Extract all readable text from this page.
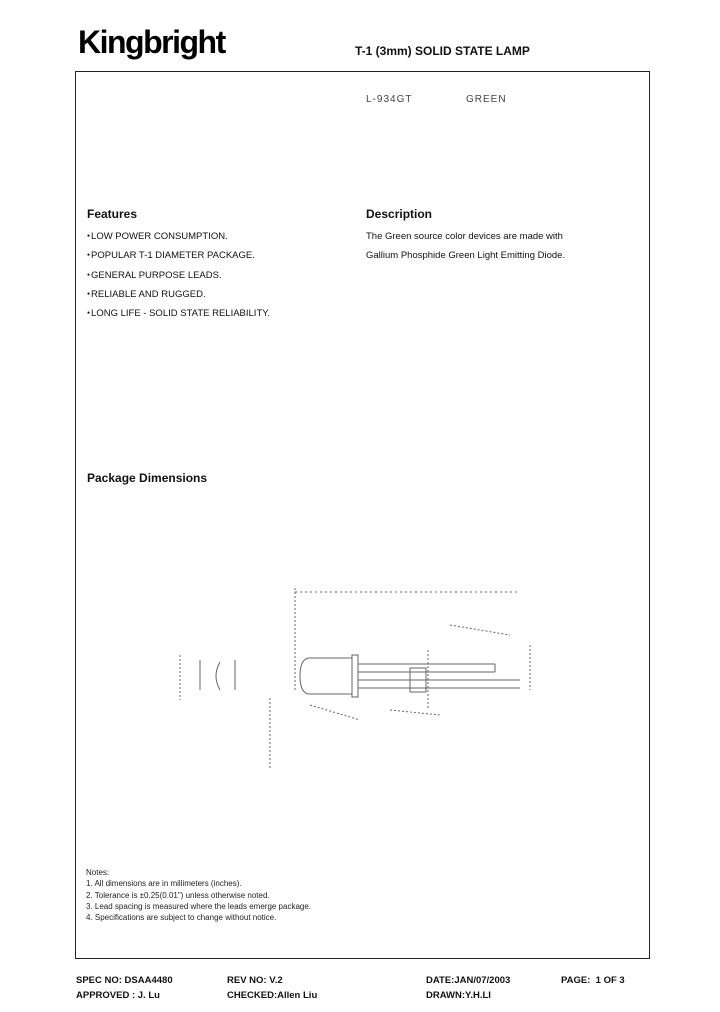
Kingbright	T-1 (3mm) SOLID STATE LAMP
L-934GT	GREEN
Features
● LOW POWER CONSUMPTION.
● POPULAR T-1 DIAMETER PACKAGE.
● GENERAL PURPOSE LEADS.
● RELIABLE AND RUGGED.
● LONG LIFE - SOLID STATE RELIABILITY.
Description
The Green source color devices are made with
Gallium Phosphide Green Light Emitting Diode.
Package Dimensions
Notes:
1. All dimensions are in millimeters (inches).
2. Tolerance is ±0.25(0.01") unless otherwise noted.
3. Lead spacing is measured where the leads emerge package.
4. Specifications are subject to change without notice.
SPEC NO: DSAA4480	REV NO: V.2	DATE:JAN/07/2003	PAGE:  1 OF 3
APPROVED : J. Lu	CHECKED:Allen Liu	DRAWN:Y.H.LI
